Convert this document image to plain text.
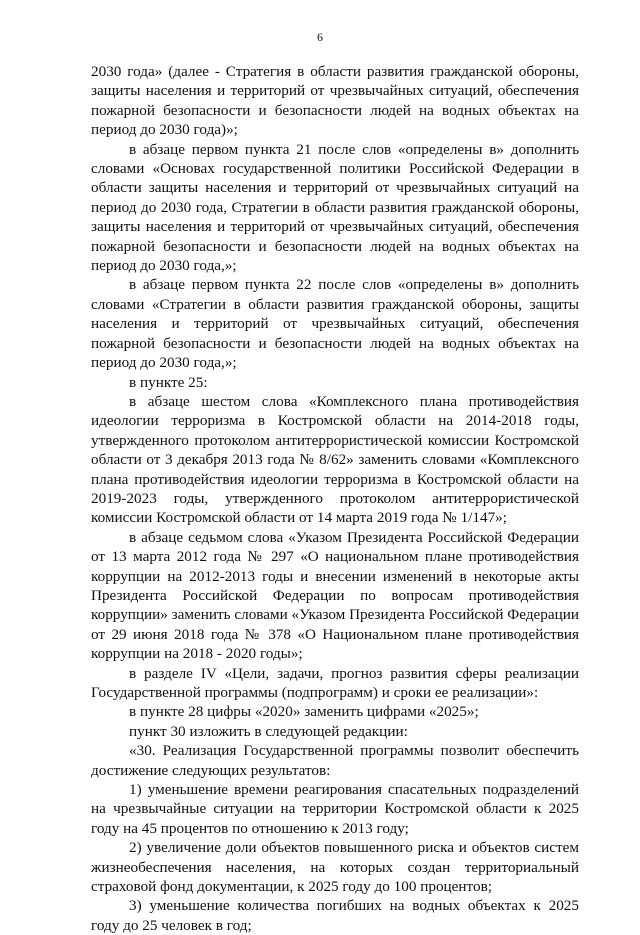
6

2030 года» (далее - Стратегия в области развития гражданской обороны, защиты населения и территорий от чрезвычайных ситуаций, обеспечения пожарной безопасности и безопасности людей на водных объектах на период до 2030 года)»;

в абзаце первом пункта 21 после слов «определены в» дополнить словами «Основах государственной политики Российской Федерации в области защиты населения и территорий от чрезвычайных ситуаций на период до 2030 года, Стратегии в области развития гражданской обороны, защиты населения и территорий от чрезвычайных ситуаций, обеспечения пожарной безопасности и безопасности людей на водных объектах на период до 2030 года,»;

в абзаце первом пункта 22 после слов «определены в» дополнить словами «Стратегии в области развития гражданской обороны, защиты населения и территорий от чрезвычайных ситуаций, обеспечения пожарной безопасности и безопасности людей на водных объектах на период до 2030 года,»;

в пункте 25:

в абзаце шестом слова «Комплексного плана противодействия идеологии терроризма в Костромской области на 2014-2018 годы, утвержденного протоколом антитеррористической комиссии Костромской области от 3 декабря 2013 года № 8/62» заменить словами «Комплексного плана противодействия идеологии терроризма в Костромской области на 2019-2023 годы, утвержденного протоколом антитеррористической комиссии Костромской области от 14 марта 2019 года № 1/147»;

в абзаце седьмом слова «Указом Президента Российской Федерации от 13 марта 2012 года № 297 «О национальном плане противодействия коррупции на 2012-2013 годы и внесении изменений в некоторые акты Президента Российской Федерации по вопросам противодействия коррупции» заменить словами «Указом Президента Российской Федерации от 29 июня 2018 года № 378 «О Национальном плане противодействия коррупции на 2018 - 2020 годы»;

в разделе IV «Цели, задачи, прогноз развития сферы реализации Государственной программы (подпрограмм) и сроки ее реализации»:

в пункте 28 цифры «2020» заменить цифрами «2025»;

пункт 30 изложить в следующей редакции:

«30. Реализация Государственной программы позволит обеспечить достижение следующих результатов:

1) уменьшение времени реагирования спасательных подразделений на чрезвычайные ситуации на территории Костромской области к 2025 году на 45 процентов по отношению к 2013 году;

2) увеличение доли объектов повышенного риска и объектов систем жизнеобеспечения населения, на которых создан территориальный страховой фонд документации, к 2025 году до 100 процентов;

3) уменьшение количества погибших на водных объектах к 2025 году до 25 человек в год;
